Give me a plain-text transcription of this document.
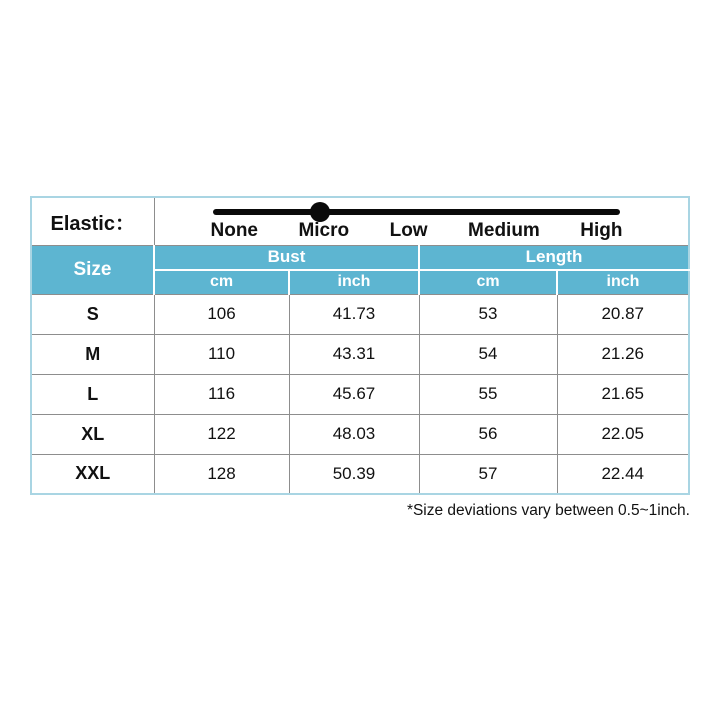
Elastic：	None Micro Low Medium High			

Size	Bust		Length	
	cm	inch	cm	inch
S	106	41.73	53	20.87
M	110	43.31	54	21.26
L	116	45.67	55	21.65
XL	122	48.03	56	22.05
XXL	128	50.39	57	22.44
*Size deviations vary between 0.5~1inch.
